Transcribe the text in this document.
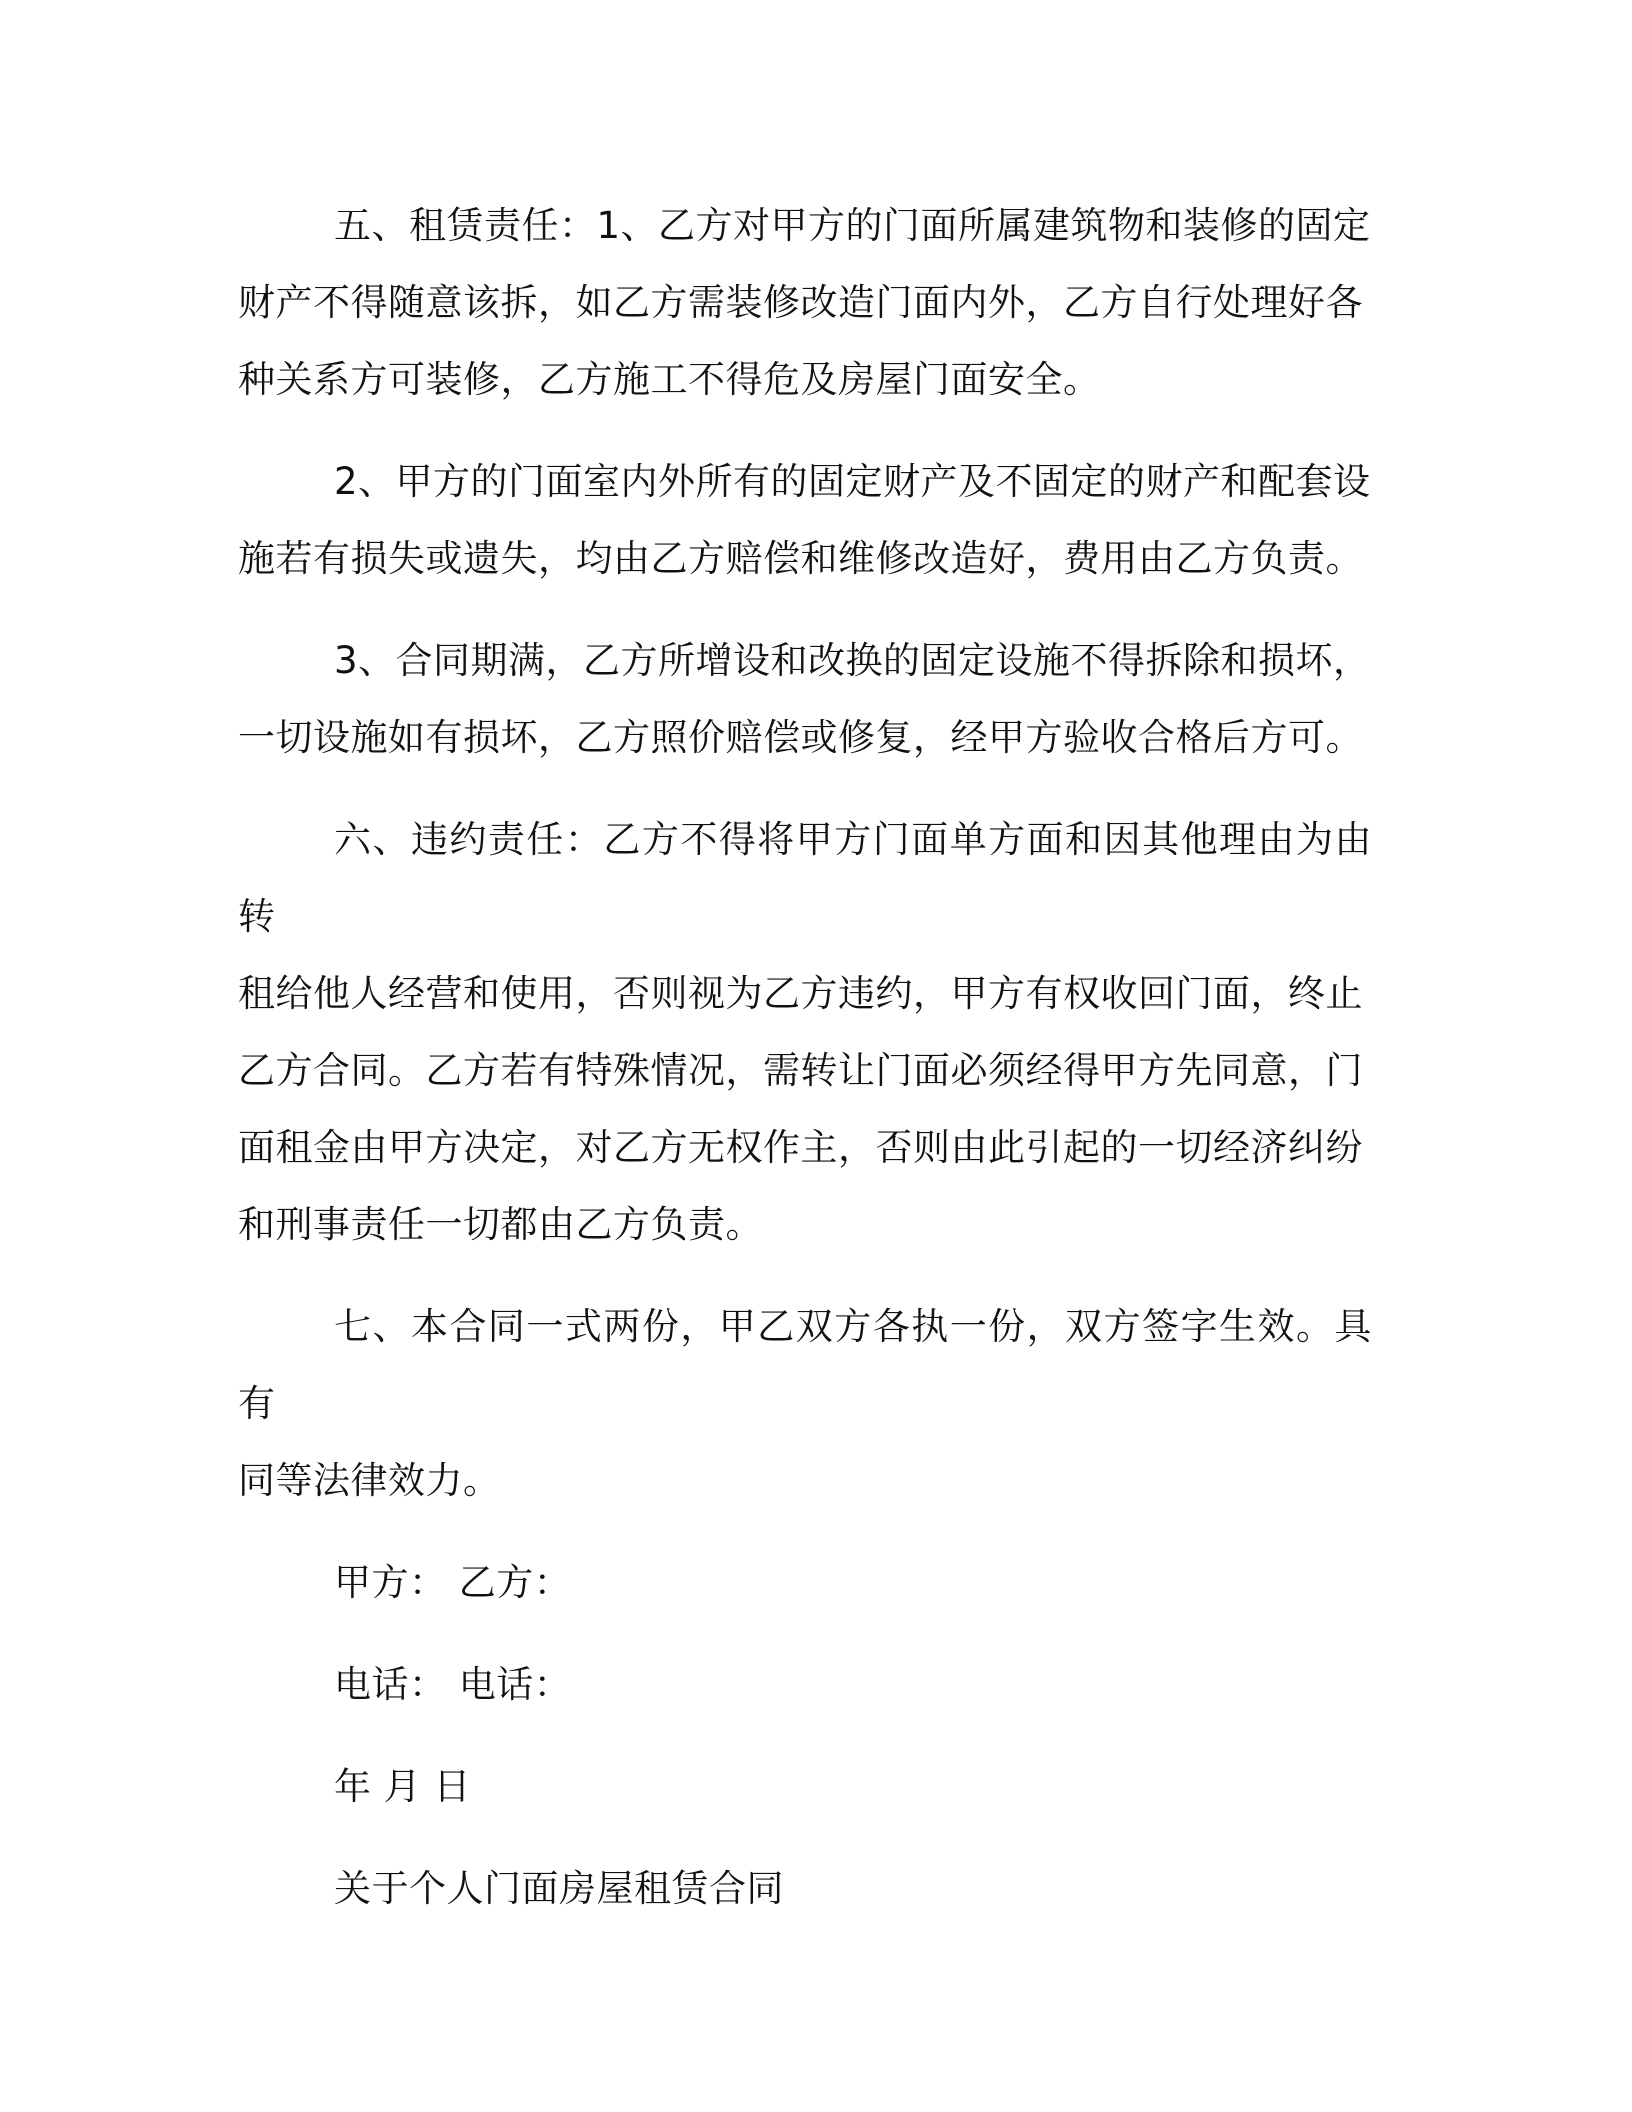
五、租赁责任：1、乙方对甲方的门面所属建筑物和装修的固定
财产不得随意该拆，如乙方需装修改造门面内外，乙方自行处理好各
种关系方可装修，乙方施工不得危及房屋门面安全。

2、甲方的门面室内外所有的固定财产及不固定的财产和配套设
施若有损失或遗失，均由乙方赔偿和维修改造好，费用由乙方负责。

3、合同期满，乙方所增设和改换的固定设施不得拆除和损坏，
一切设施如有损坏，乙方照价赔偿或修复，经甲方验收合格后方可。

六、违约责任：乙方不得将甲方门面单方面和因其他理由为由转
租给他人经营和使用，否则视为乙方违约，甲方有权收回门面，终止
乙方合同。乙方若有特殊情况，需转让门面必须经得甲方先同意，门
面租金由甲方决定，对乙方无权作主，否则由此引起的一切经济纠纷
和刑事责任一切都由乙方负责。

七、本合同一式两份，甲乙双方各执一份，双方签字生效。具有
同等法律效力。

甲方： 乙方：

电话： 电话：

年 月 日

关于个人门面房屋租赁合同
